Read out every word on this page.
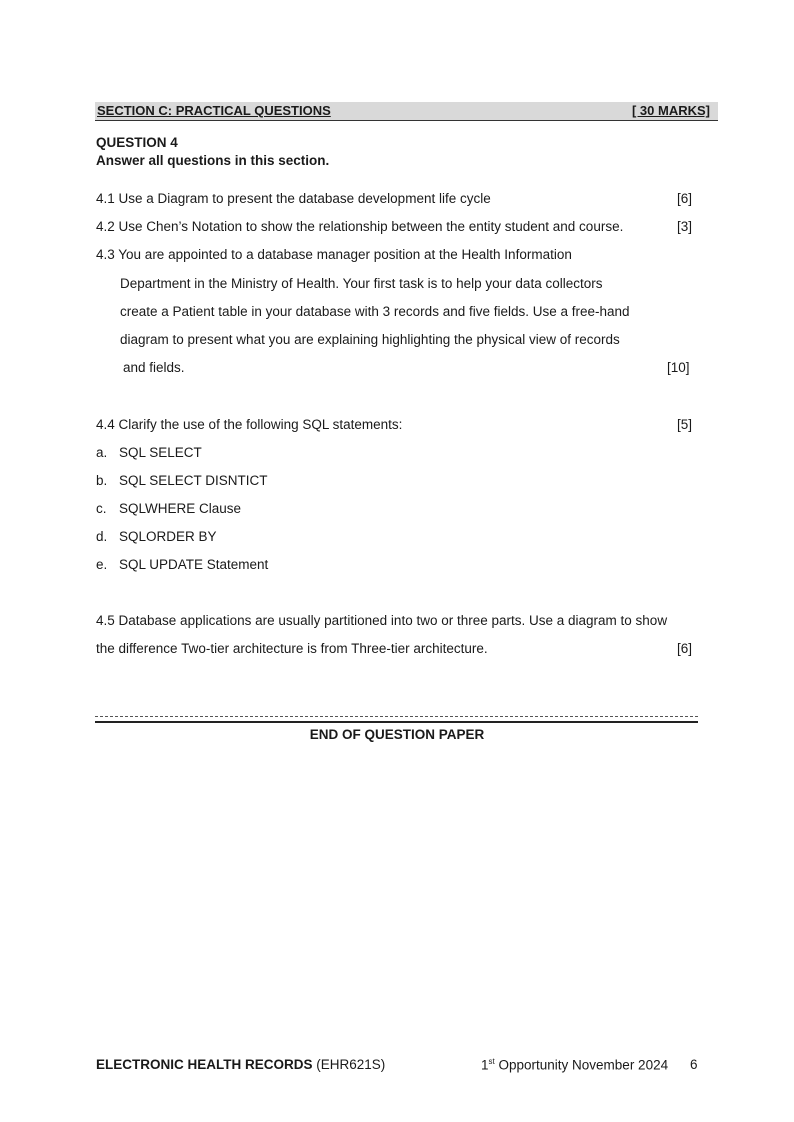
SECTION C: PRACTICAL QUESTIONS	[ 30 MARKS]
QUESTION 4
Answer all questions in this section.
4.1 Use a Diagram to present the database development life cycle	[6]
4.2 Use Chen’s Notation to show the relationship between the entity student and course.	[3]
4.3 You are appointed to a database manager position at the Health Information
Department in the Ministry of Health. Your first task is to help your data collectors
create a Patient table in your database with 3 records and five fields. Use a free-hand
diagram to present what you are explaining highlighting the physical view of records
and fields.	[10]
4.4 Clarify the use of the following SQL statements:	[5]
a. SQL SELECT
b. SQL SELECT DISNTICT
c. SQLWHERE Clause
d. SQLORDER BY
e. SQL UPDATE Statement
4.5 Database applications are usually partitioned into two or three parts. Use a diagram to show
the difference Two-tier architecture is from Three-tier architecture.	[6]
END OF QUESTION PAPER
ELECTRONIC HEALTH RECORDS (EHR621S)	1st Opportunity November 2024 6
